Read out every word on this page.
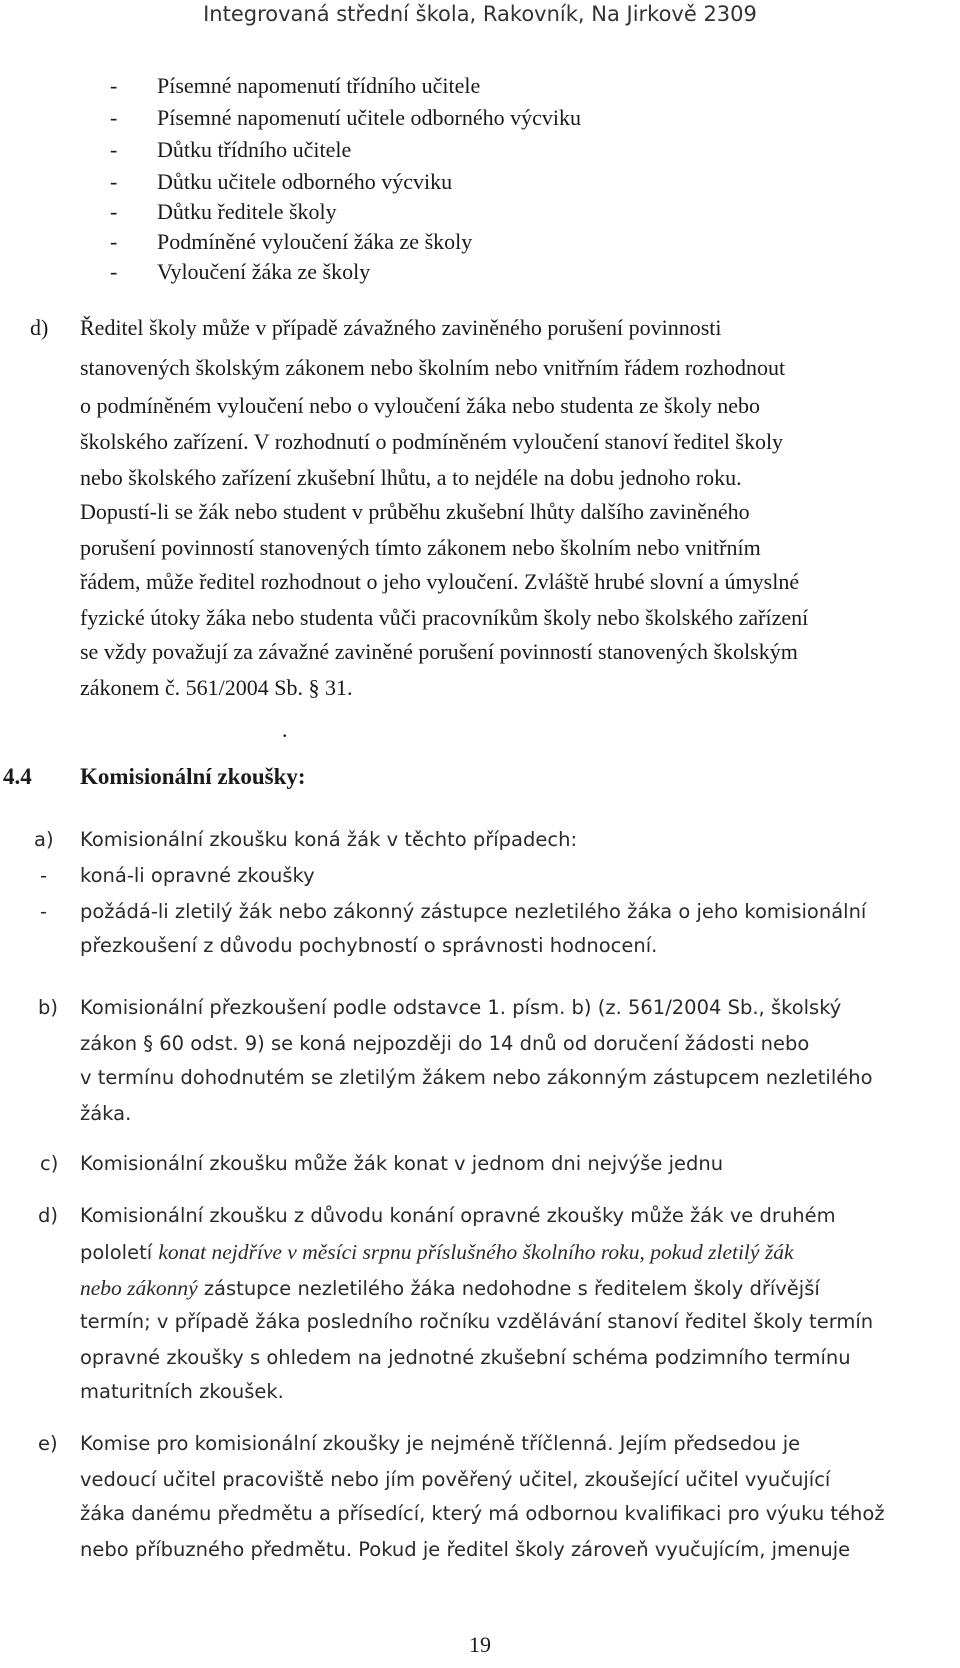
Integrovaná střední škola, Rakovník, Na Jirkově 2309
- Písemné napomenutí třídního učitele
- Písemné napomenutí učitele odborného výcviku
- Důtku třídního učitele
- Důtku učitele odborného výcviku
- Důtku ředitele školy
- Podmíněné vyloučení žáka ze školy
- Vyloučení žáka ze školy
d) Ředitel školy může v případě závažného zaviněného porušení povinnosti
stanovených školským zákonem nebo školním nebo vnitřním řádem rozhodnout
o podmíněném vyloučení nebo o vyloučení žáka nebo studenta ze školy nebo
školského zařízení. V rozhodnutí o podmíněném vyloučení stanoví ředitel školy
nebo školského zařízení zkušební lhůtu, a to nejdéle na dobu jednoho roku.
Dopustí-li se žák nebo student v průběhu zkušební lhůty dalšího zaviněného
porušení povinností stanovených tímto zákonem nebo školním nebo vnitřním
řádem, může ředitel rozhodnout o jeho vyloučení. Zvláště hrubé slovní a úmyslné
fyzické útoky žáka nebo studenta vůči pracovníkům školy nebo školského zařízení
se vždy považují za závažné zaviněné porušení povinností stanovených školským
zákonem č. 561/2004 Sb. § 31.
.
4.4 Komisionální zkoušky:
a) Komisionální zkoušku koná žák v těchto případech:
- koná-li opravné zkoušky
- požádá-li zletilý žák nebo zákonný zástupce nezletilého žáka o jeho komisionální
přezkoušení z důvodu pochybností o správnosti hodnocení.
b) Komisionální přezkoušení podle odstavce 1. písm. b) (z. 561/2004 Sb., školský
zákon § 60 odst. 9) se koná nejpozději do 14 dnů od doručení žádosti nebo
v termínu dohodnutém se zletilým žákem nebo zákonným zástupcem nezletilého
žáka.
c) Komisionální zkoušku může žák konat v jednom dni nejvýše jednu
d) Komisionální zkoušku z důvodu konání opravné zkoušky může žák ve druhém
pololetí konat nejdříve v měsíci srpnu příslušného školního roku, pokud zletilý žák
nebo zákonný zástupce nezletilého žáka nedohodne s ředitelem školy dřívější
termín; v případě žáka posledního ročníku vzdělávání stanoví ředitel školy termín
opravné zkoušky s ohledem na jednotné zkušební schéma podzimního termínu
maturitních zkoušek.
e) Komise pro komisionální zkoušky je nejméně tříčlenná. Jejím předsedou je
vedoucí učitel pracoviště nebo jím pověřený učitel, zkoušející učitel vyučující
žáka danému předmětu a přísedící, který má odbornou kvalifikaci pro výuku téhož
nebo příbuzného předmětu. Pokud je ředitel školy zároveň vyučujícím, jmenuje
19
